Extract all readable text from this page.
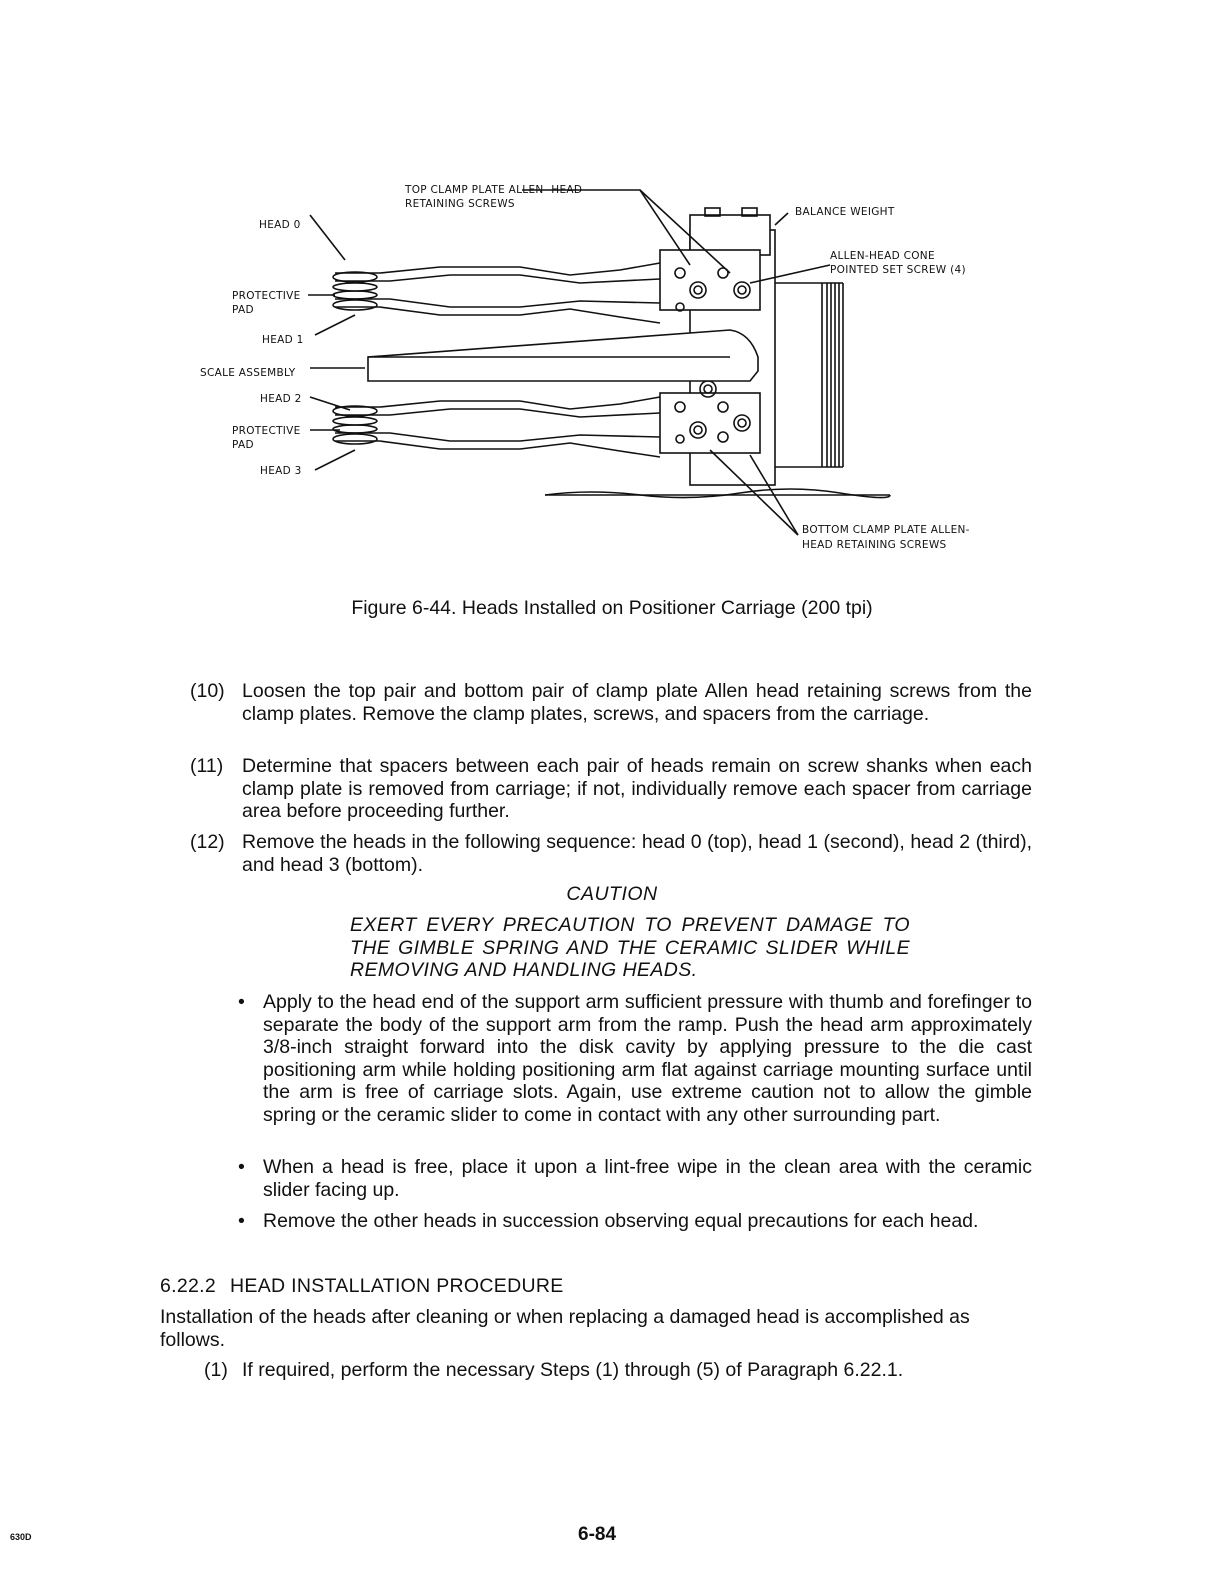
TOP CLAMP PLATE ALLEN- HEAD
RETAINING SCREWS
HEAD 0
BALANCE WEIGHT
ALLEN-HEAD CONE
POINTED SET SCREW (4)
PROTECTIVE
PAD
HEAD 1
SCALE ASSEMBLY
HEAD 2
PROTECTIVE
PAD
HEAD 3
BOTTOM CLAMP PLATE ALLEN-
HEAD RETAINING SCREWS
Figure 6-44. Heads Installed on Positioner Carriage (200 tpi)
(10) Loosen the top pair and bottom pair of clamp plate Allen head retaining screws from the clamp plates. Remove the clamp plates, screws, and spacers from the carriage.
(11) Determine that spacers between each pair of heads remain on screw shanks when each clamp plate is removed from carriage; if not, individually remove each spacer from carriage area before proceeding further.
(12) Remove the heads in the following sequence: head 0 (top), head 1 (second), head 2 (third), and head 3 (bottom).
CAUTION
EXERT EVERY PRECAUTION TO PREVENT DAMAGE TO THE GIMBLE SPRING AND THE CERAMIC SLIDER WHILE REMOVING AND HANDLING HEADS.
• Apply to the head end of the support arm sufficient pressure with thumb and forefinger to separate the body of the support arm from the ramp. Push the head arm approximately 3/8-inch straight forward into the disk cavity by applying pressure to the die cast positioning arm while holding positioning arm flat against carriage mounting surface until the arm is free of carriage slots. Again, use extreme caution not to allow the gimble spring or the ceramic slider to come in contact with any other surrounding part.
• When a head is free, place it upon a lint-free wipe in the clean area with the ceramic slider facing up.
• Remove the other heads in succession observing equal precautions for each head.
6.22.2 HEAD INSTALLATION PROCEDURE
Installation of the heads after cleaning or when replacing a damaged head is accomplished as follows.
(1) If required, perform the necessary Steps (1) through (5) of Paragraph 6.22.1.
630D	6-84
